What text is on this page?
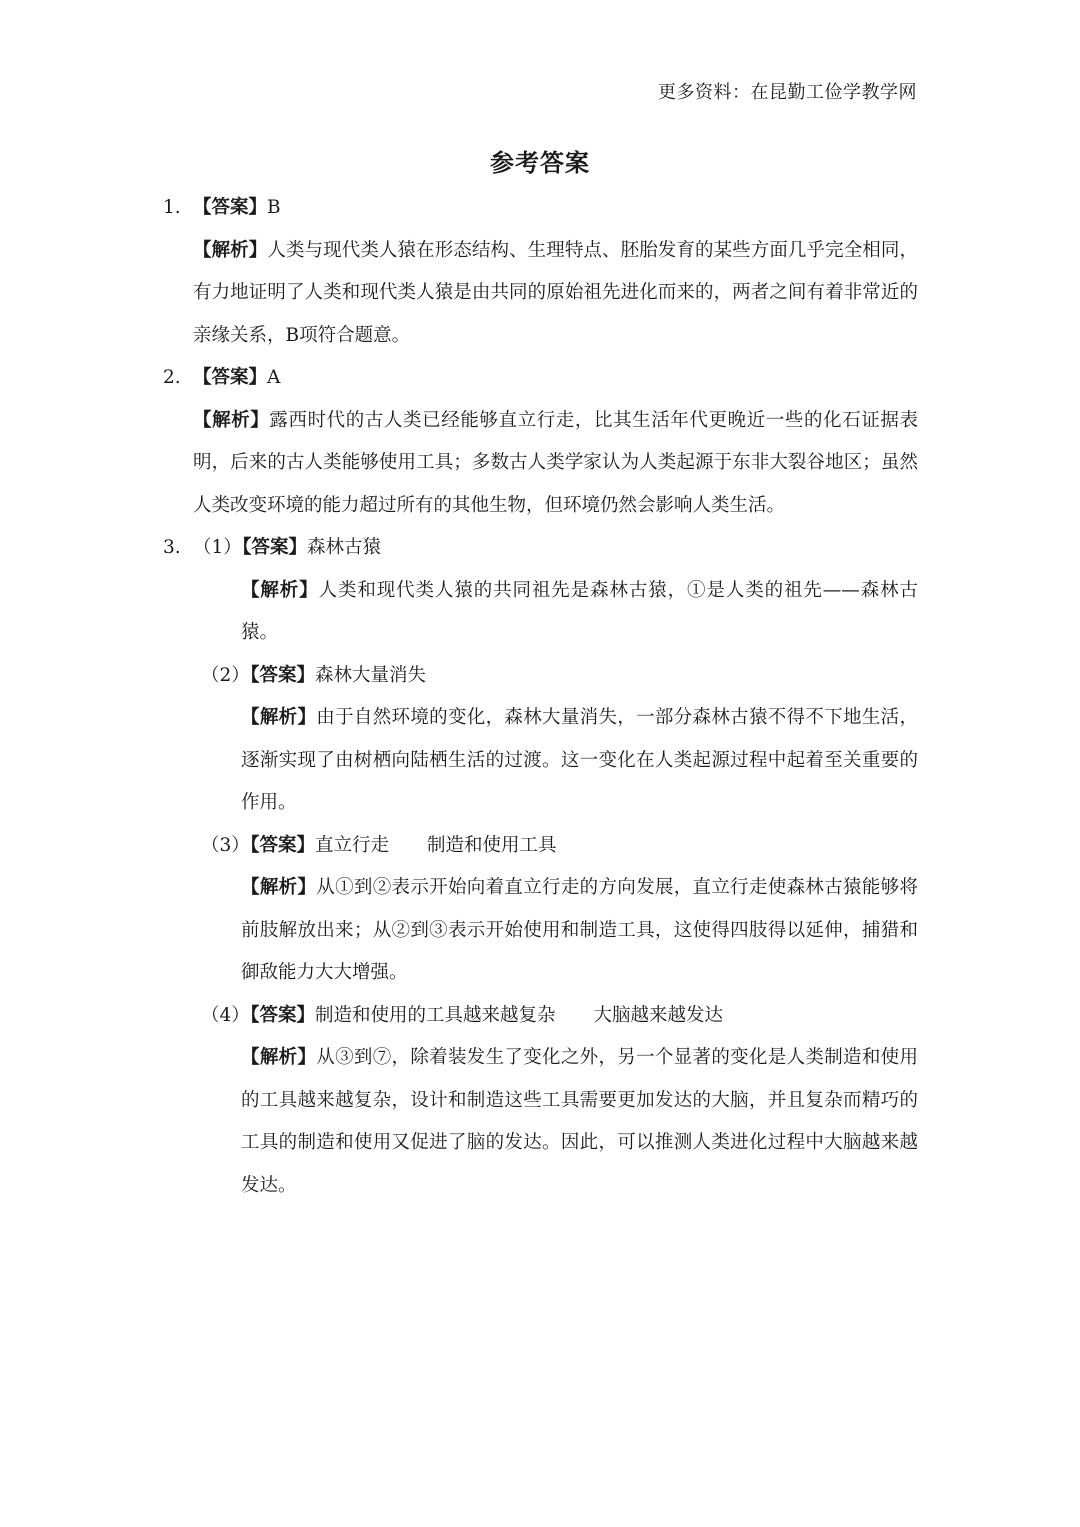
更多资料：在昆勤工俭学教学网
参考答案
1. 【答案】 B
【解析】人类与现代类人猿在形态结构、生理特点、胚胎发育的某些方面几乎完全相同，有力地证明了人类和现代类人猿是由共同的原始祖先进化而来的，两者之间有着非常近的亲缘关系，B项符合题意。
2. 【答案】 A
【解析】露西时代的古人类已经能够直立行走，比其生活年代更晚近一些的化石证据表明，后来的古人类能够使用工具；多数古人类学家认为人类起源于东非大裂谷地区；虽然人类改变环境的能力超过所有的其他生物，但环境仍然会影响人类生活。
3. （1）
【答案】 森林古猿
【解析】人类和现代类人猿的共同祖先是森林古猿，①是人类的祖先——森林古猿。
（2）
【答案】 森林大量消失
【解析】由于自然环境的变化，森林大量消失，一部分森林古猿不得不下地生活，逐渐实现了由树栖向陆栖生活的过渡。这一变化在人类起源过程中起着至关重要的作用。
（3）
【答案】 直立行走 制造和使用工具
【解析】从①到②表示开始向着直立行走的方向发展，直立行走使森林古猿能够将前肢解放出来；从②到③表示开始使用和制造工具，这使得四肢得以延伸，捕猎和御敌能力大大增强。
（4）
【答案】 制造和使用的工具越来越复杂 大脑越来越发达
【解析】从③到⑦，除着装发生了变化之外，另一个显著的变化是人类制造和使用的工具越来越复杂，设计和制造这些工具需要更加发达的大脑，并且复杂而精巧的工具的制造和使用又促进了脑的发达。因此，可以推测人类进化过程中大脑越来越发达。
